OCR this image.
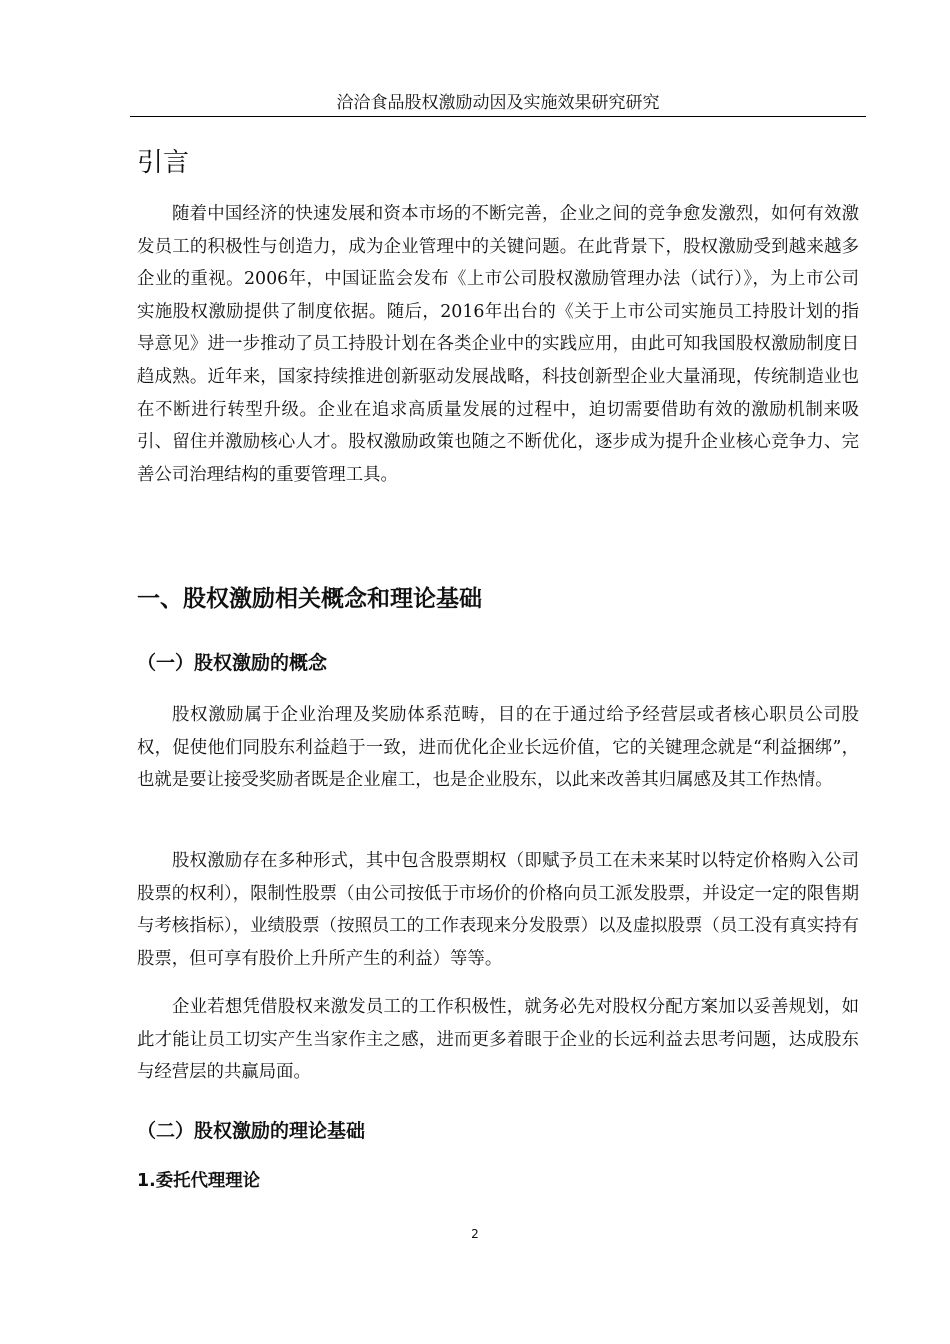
洽洽食品股权激励动因及实施效果研究研究
引言

随着中国经济的快速发展和资本市场的不断完善，企业之间的竞争愈发激烈，如何有效激发员工的积极性与创造力，成为企业管理中的关键问题。在此背景下，股权激励受到越来越多企业的重视。2006年，中国证监会发布《上市公司股权激励管理办法（试行）》，为上市公司实施股权激励提供了制度依据。随后，2016年出台的《关于上市公司实施员工持股计划的指导意见》进一步推动了员工持股计划在各类企业中的实践应用，由此可知我国股权激励制度日趋成熟。近年来，国家持续推进创新驱动发展战略，科技创新型企业大量涌现，传统制造业也在不断进行转型升级。企业在追求高质量发展的过程中，迫切需要借助有效的激励机制来吸引、留住并激励核心人才。股权激励政策也随之不断优化，逐步成为提升企业核心竞争力、完善公司治理结构的重要管理工具。

一、股权激励相关概念和理论基础
（一）股权激励的概念

股权激励属于企业治理及奖励体系范畴，目的在于通过给予经营层或者核心职员公司股权，促使他们同股东利益趋于一致，进而优化企业长远价值，它的关键理念就是“利益捆绑”，也就是要让接受奖励者既是企业雇工，也是企业股东，以此来改善其归属感及其工作热情。

股权激励存在多种形式，其中包含股票期权（即赋予员工在未来某时以特定价格购入公司股票的权利），限制性股票（由公司按低于市场价的价格向员工派发股票，并设定一定的限售期与考核指标），业绩股票（按照员工的工作表现来分发股票）以及虚拟股票（员工没有真实持有股票，但可享有股价上升所产生的利益）等等。

企业若想凭借股权来激发员工的工作积极性，就务必先对股权分配方案加以妥善规划，如此才能让员工切实产生当家作主之感，进而更多着眼于企业的长远利益去思考问题，达成股东与经营层的共赢局面。

（二）股权激励的理论基础
1.委托代理理论
2
